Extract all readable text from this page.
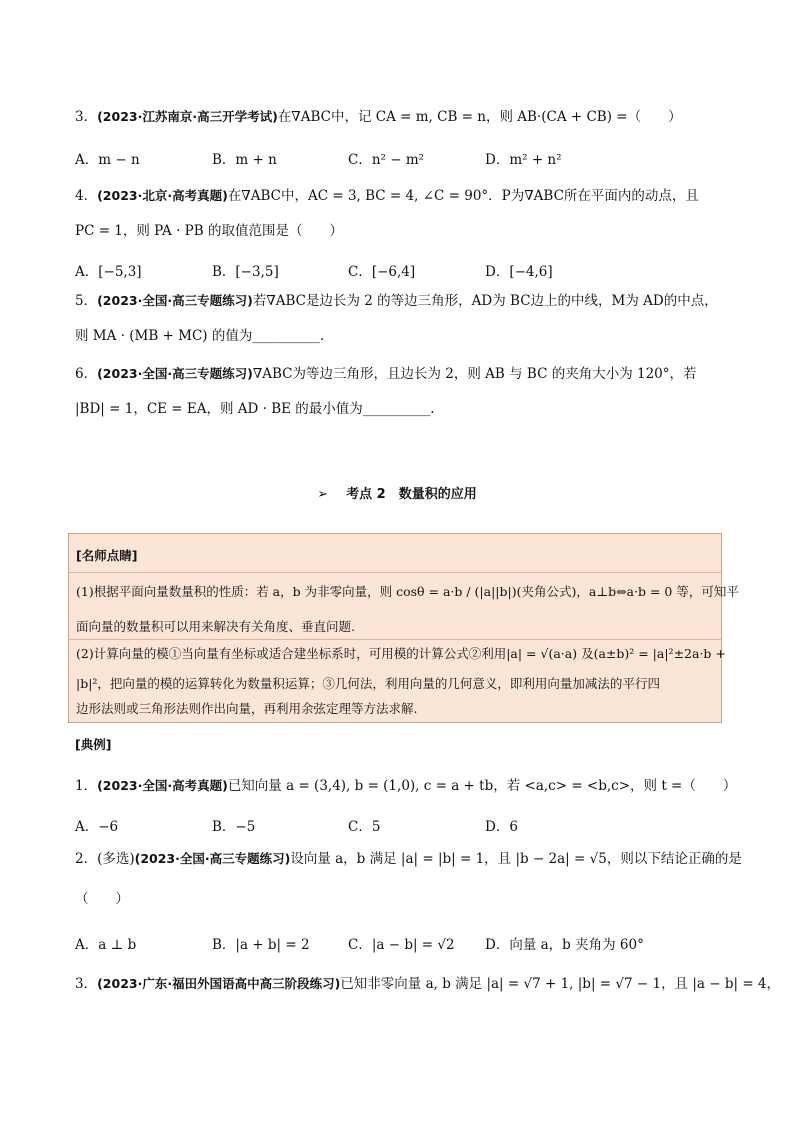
3．(2023·江苏南京·高三开学考试)在∇ABC中，记 CA = m, CB = n，则 AB·(CA + CB) =（　　）
A．m − n	B．m + n	C．n² − m²	D．m² + n²
4．(2023·北京·高考真题)在∇ABC中，AC = 3, BC = 4, ∠C = 90°．P为∇ABC所在平面内的动点，且
PC = 1，则 PA · PB 的取值范围是（　　）
A．[−5,3]	B．[−3,5]	C．[−6,4]	D．[−4,6]
5．(2023·全国·高三专题练习)若∇ABC是边长为 2 的等边三角形，AD为 BC边上的中线，M为 AD的中点，
则 MA · (MB + MC) 的值为__________.
6．(2023·全国·高三专题练习)∇ABC为等边三角形，且边长为 2，则 AB 与 BC 的夹角大小为 120°，若
|BD| = 1，CE = EA，则 AD · BE 的最小值为__________.
➢ 考点 2　数量积的应用
[名师点睛]
(1)根据平面向量数量积的性质：若 a，b 为非零向量，则 cosθ = a·b / (|a||b|)(夹角公式)，a⊥b⇔a·b = 0 等，可知平
面向量的数量积可以用来解决有关角度、垂直问题.
(2)计算向量的模①当向量有坐标或适合建坐标系时，可用模的计算公式②利用|a| = √(a·a) 及(a±b)² = |a|²±2a·b +
|b|²，把向量的模的运算转化为数量积运算；③几何法，利用向量的几何意义，即利用向量加减法的平行四
边形法则或三角形法则作出向量，再利用余弦定理等方法求解.
[典例]
1．(2023·全国·高考真题)已知向量 a = (3,4), b = (1,0), c = a + tb，若 <a,c> = <b,c>，则 t =（　　）
A．−6	B．−5	C．5	D．6
2．(多选)(2023·全国·高三专题练习)设向量 a，b 满足 |a| = |b| = 1，且 |b − 2a| = √5，则以下结论正确的是
（　　）
A．a ⊥ b	B．|a + b| = 2	C．|a − b| = √2 D．向量 a，b 夹角为 60°
3．(2023·广东·福田外国语高中高三阶段练习)已知非零向量 a, b 满足 |a| = √7 + 1, |b| = √7 − 1，且 |a − b| = 4，
